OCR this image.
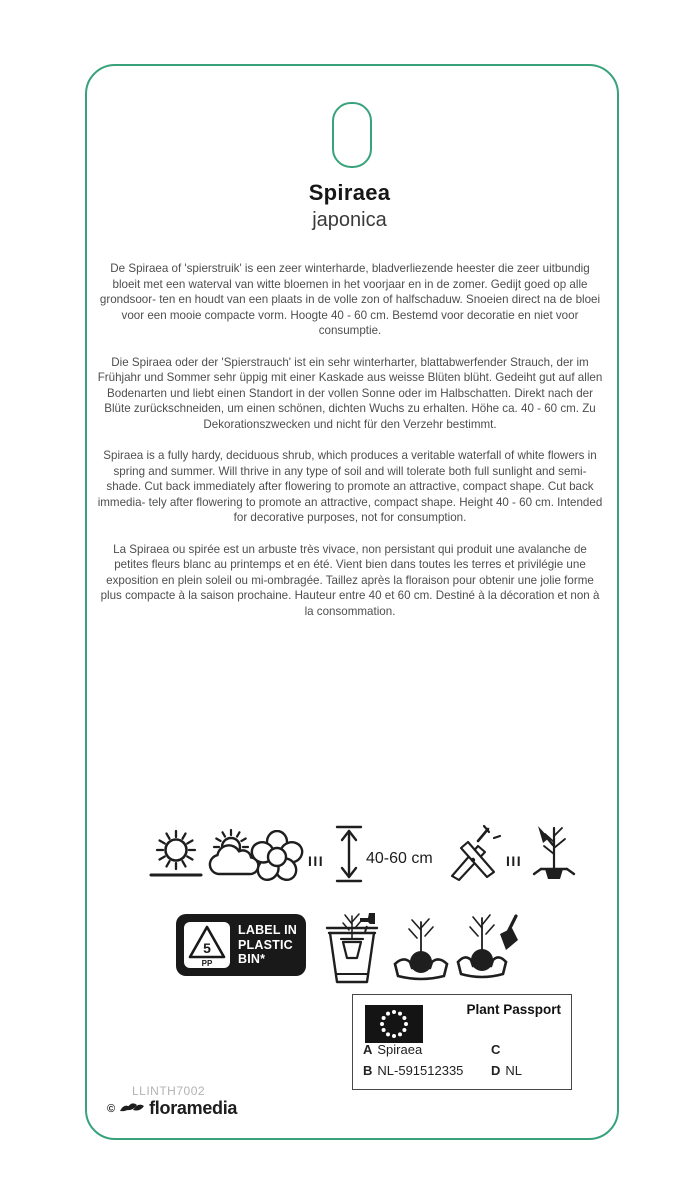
Spiraea
japonica

De Spiraea of 'spierstruik' is een zeer winterharde, bladverliezende heester die zeer uitbundig bloeit met een waterval van witte bloemen in het voorjaar en in de zomer. Gedijt goed op alle grondsoor- ten en houdt van een plaats in de volle zon of halfschaduw. Snoeien direct na de bloei voor een mooie compacte vorm. Hoogte 40 - 60 cm. Bestemd voor decoratie en niet voor consumptie.

Die Spiraea oder der 'Spierstrauch' ist ein sehr winterharter, blattabwerfender Strauch, der im Frühjahr und Sommer sehr üppig mit einer Kaskade aus weisse Blüten blüht. Gedeiht gut auf allen Bodenarten und liebt einen Standort in der vollen Sonne oder im Halbschatten. Direkt nach der Blüte zurückschneiden, um einen schönen, dichten Wuchs zu erhalten. Höhe ca. 40 - 60 cm. Zu Dekorationszwecken und nicht für den Verzehr bestimmt.

Spiraea is a fully hardy, deciduous shrub, which produces a veritable waterfall of white flowers in spring and summer. Will thrive in any type of soil and will tolerate both full sunlight and semi-shade. Cut back immediately after flowering to promote an attractive, compact shape. Cut back immedia- tely after flowering to promote an attractive, compact shape. Height 40 - 60 cm. Intended for decorative purposes, not for consumption.

La Spiraea ou spirée est un arbuste très vivace, non persistant qui produit une avalanche de petites fleurs blanc au printemps et en été. Vient bien dans toutes les terres et privilégie une exposition en plein soleil ou mi-ombragée. Taillez après la floraison pour obtenir une jolie forme plus compacte à la saison prochaine. Hauteur entre 40 et 60 cm. Destiné à la décoration et non à la consommation.

III	40-60 cm	III
5
PP
LABEL IN
PLASTIC
BIN*
Plant Passport
A Spiraea	C
B NL-591512335 D NL
LLINTH7002
© floramedia
